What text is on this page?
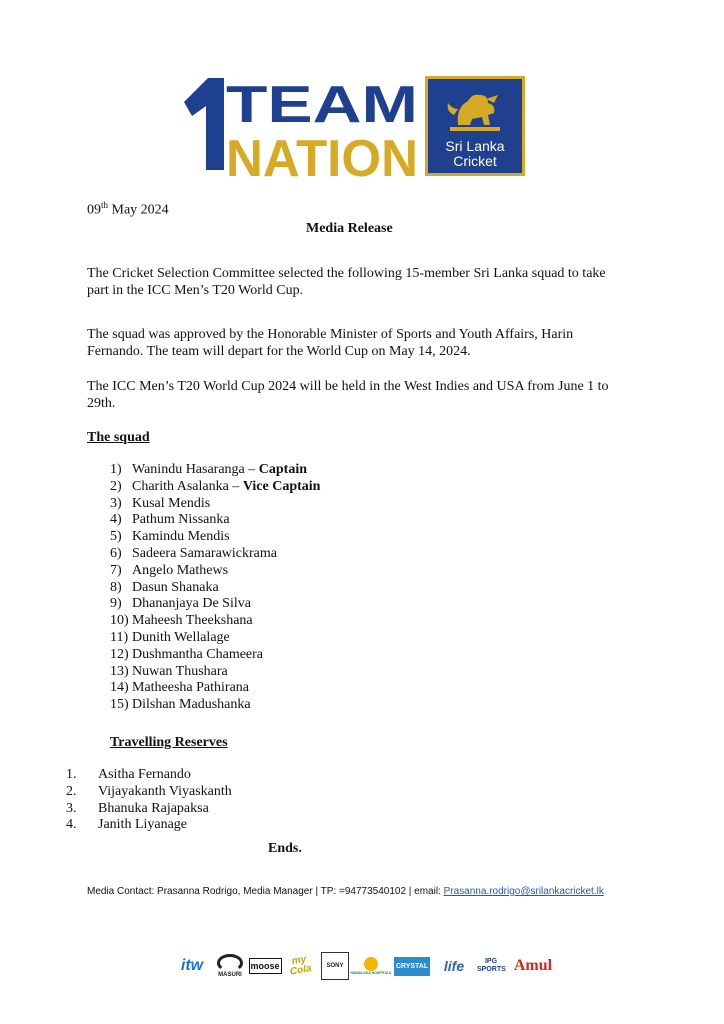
TEAM
NATION	Sri Lanka
Cricket
09th May 2024
Media Release
The Cricket Selection Committee selected the following 15-member Sri Lanka squad to take
part in the ICC Men’s T20 World Cup.
The squad was approved by the Honorable Minister of Sports and Youth Affairs, Harin
Fernando. The team will depart for the World Cup on May 14, 2024.
The ICC Men’s T20 World Cup 2024 will be held in the West Indies and USA from June 1 to
29th.
The squad
1) Wanindu Hasaranga – Captain
2) Charith Asalanka – Vice Captain
3) Kusal Mendis
4) Pathum Nissanka
5) Kamindu Mendis
6) Sadeera Samarawickrama
7) Angelo Mathews
8) Dasun Shanaka
9) Dhananjaya De Silva
10) Maheesh Theekshana
11) Dunith Wellalage
12) Dushmantha Chameera
13) Nuwan Thushara
14) Matheesha Pathirana
15) Dilshan Madushanka
Travelling Reserves
1. Asitha Fernando
2. Vijayakanth Viyaskanth
3. Bhanuka Rajapaksa
4. Janith Liyanage
Ends.
Media Contact: Prasanna Rodrigo, Media Manager | TP: =94773540102 | email: Prasanna.rodrigo@srilankacricket.lk
itw
MASURI
moose	my Cola	SONY
NAWALOKA HOSPITALS
CRYSTAL life	IPG SPORTS Amul
